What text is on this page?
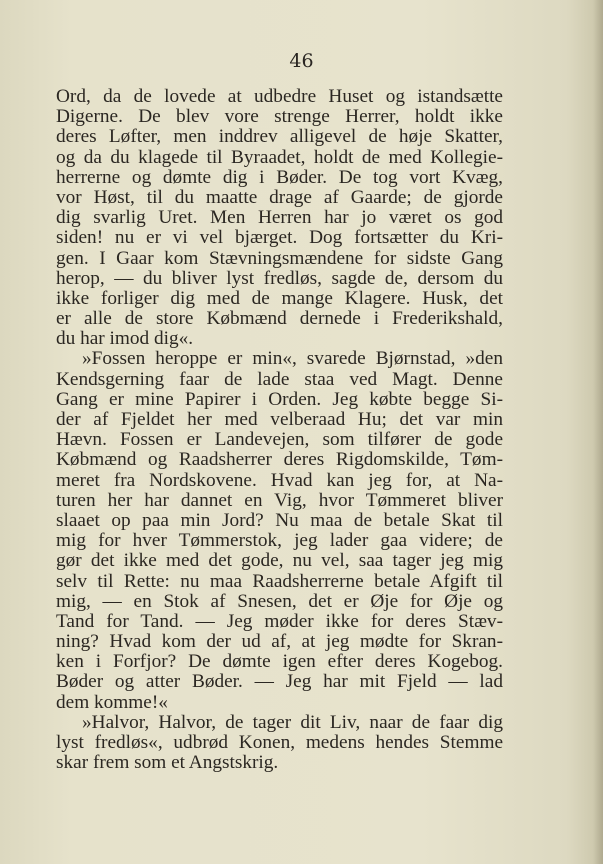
46
Ord, da de lovede at udbedre Huset og istandsætte
Digerne. De blev vore strenge Herrer, holdt ikke
deres Løfter, men inddrev alligevel de høje Skatter,
og da du klagede til Byraadet, holdt de med Kollegie-
herrerne og dømte dig i Bøder. De tog vort Kvæg,
vor Høst, til du maatte drage af Gaarde; de gjorde
dig svarlig Uret. Men Herren har jo været os god
siden! nu er vi vel bjærget. Dog fortsætter du Kri-
gen. I Gaar kom Stævningsmændene for sidste Gang
herop, — du bliver lyst fredløs, sagde de, dersom du
ikke forliger dig med de mange Klagere. Husk, det
er alle de store Købmænd dernede i Frederikshald,
du har imod dig«.
»Fossen heroppe er min«, svarede Bjørnstad, »den
Kendsgerning faar de lade staa ved Magt. Denne
Gang er mine Papirer i Orden. Jeg købte begge Si-
der af Fjeldet her med velberaad Hu; det var min
Hævn. Fossen er Landevejen, som tilfører de gode
Købmænd og Raadsherrer deres Rigdomskilde, Tøm-
meret fra Nordskovene. Hvad kan jeg for, at Na-
turen her har dannet en Vig, hvor Tømmeret bliver
slaaet op paa min Jord? Nu maa de betale Skat til
mig for hver Tømmerstok, jeg lader gaa videre; de
gør det ikke med det gode, nu vel, saa tager jeg mig
selv til Rette: nu maa Raadsherrerne betale Afgift til
mig, — en Stok af Snesen, det er Øje for Øje og
Tand for Tand. — Jeg møder ikke for deres Stæv-
ning? Hvad kom der ud af, at jeg mødte for Skran-
ken i Forfjor? De dømte igen efter deres Kogebog.
Bøder og atter Bøder. — Jeg har mit Fjeld — lad
dem komme!«
»Halvor, Halvor, de tager dit Liv, naar de faar dig
lyst fredløs«, udbrød Konen, medens hendes Stemme
skar frem som et Angstskrig.
